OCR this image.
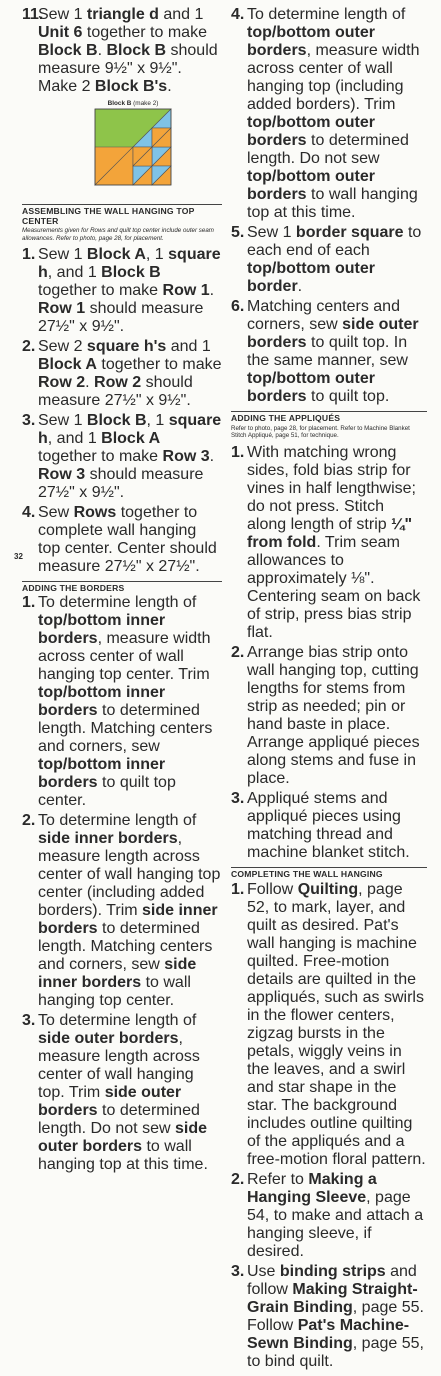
11.
Sew 1 triangle d and 1 Unit 6 together to make Block B. Block B should measure 9½" x 9½". Make 2 Block B's.
Block B (make 2)
ASSEMBLING THE WALL HANGING TOP CENTER

Measurements given for Rows and quilt top center include outer seam allowances. Refer to photo, page 28, for placement.

1. Sew 1 Block A, 1 square h, and 1 Block B together to make Row 1. Row 1 should measure 27½" x 9½".
2. Sew 2 square h's and 1 Block A together to make Row 2. Row 2 should measure 27½" x 9½".
3. Sew 1 Block B, 1 square h, and 1 Block A together to make Row 3. Row 3 should measure 27½" x 9½".
4. Sew Rows together to complete wall hanging top center. Center should measure 27½" x 27½".
ADDING THE BORDERS
1. To determine length of top/bottom inner borders, measure width across center of wall hanging top center. Trim top/bottom inner borders to determined length. Matching centers and corners, sew top/bottom inner borders to quilt top center.
2. To determine length of side inner borders, measure length across center of wall hanging top center (including added borders). Trim side inner borders to determined length. Matching centers and corners, sew side inner borders to wall hanging top center.
3. To determine length of side outer borders, measure length across center of wall hanging top. Trim side outer borders to determined length. Do not sew side outer borders to wall hanging top at this time.
4. To determine length of top/bottom outer borders, measure width across center of wall hanging top (including added borders). Trim top/bottom outer borders to determined length. Do not sew top/bottom outer borders to wall hanging top at this time.
5. Sew 1 border square to each end of each top/bottom outer border.
6. Matching centers and corners, sew side outer borders to quilt top. In the same manner, sew top/bottom outer borders to quilt top.
ADDING THE APPLIQUÉS

Refer to photo, page 28, for placement. Refer to Machine Blanket Stitch Appliqué, page 51, for technique.

1. With matching wrong sides, fold bias strip for vines in half lengthwise; do not press. Stitch along length of strip ¼" from fold. Trim seam allowances to approximately ⅛". Centering seam on back of strip, press bias strip flat.
2. Arrange bias strip onto wall hanging top, cutting lengths for stems from strip as needed; pin or hand baste in place. Arrange appliqué pieces along stems and fuse in place.
3. Appliqué stems and appliqué pieces using matching thread and machine blanket stitch.
COMPLETING THE WALL HANGING
1. Follow Quilting, page 52, to mark, layer, and quilt as desired. Pat's wall hanging is machine quilted. Free-motion details are quilted in the appliqués, such as swirls in the flower centers, zigzag bursts in the petals, wiggly veins in the leaves, and a swirl and star shape in the star. The background includes outline quilting of the appliqués and a free-motion floral pattern.
2. Refer to Making a Hanging Sleeve, page 54, to make and attach a hanging sleeve, if desired.
3. Use binding strips and follow Making Straight-Grain Binding, page 55. Follow Pat's Machine-Sewn Binding, page 55, to bind quilt.
32
